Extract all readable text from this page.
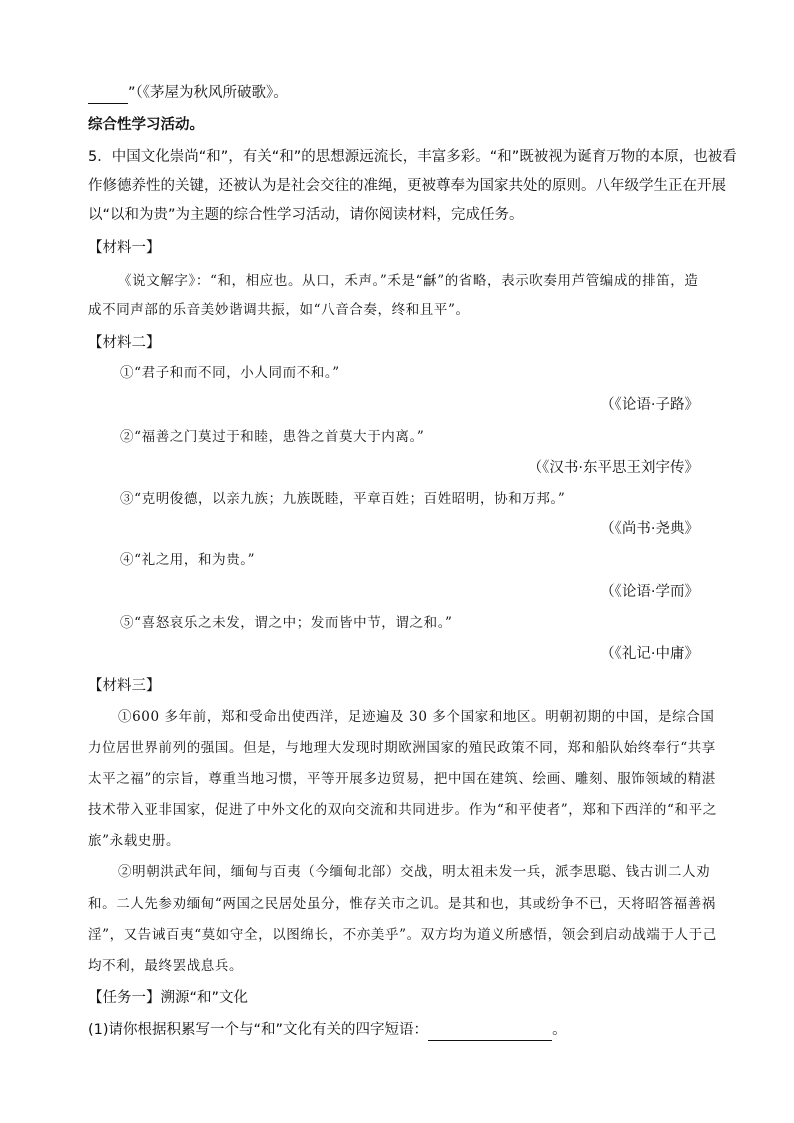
”（《茅屋为秋风所破歌》。
综合性学习活动。
5．中国文化崇尚“和”，有关“和”的思想源远流长，丰富多彩。“和”既被视为诞育万物的本原，也被看
作修德养性的关键，还被认为是社会交往的准绳，更被尊奉为国家共处的原则。八年级学生正在开展
以“以和为贵”为主题的综合性学习活动，请你阅读材料，完成任务。
【材料一】
《说文解字》：“和，相应也。从口，禾声。”禾是“龢”的省略，表示吹奏用芦管编成的排笛，造
成不同声部的乐音美妙谐调共振，如“八音合奏，终和且平”。
【材料二】
①“君子和而不同，小人同而不和。”
（《论语·子路》
②“福善之门莫过于和睦，患咎之首莫大于内离。”
（《汉书·东平思王刘宇传》
③“克明俊德，以亲九族；九族既睦，平章百姓；百姓昭明，协和万邦。”
（《尚书·尧典》
④“礼之用，和为贵。”
（《论语·学而》
⑤“喜怒哀乐之未发，谓之中；发而皆中节，谓之和。”
（《礼记·中庸》
【材料三】
①600 多年前，郑和受命出使西洋，足迹遍及 30 多个国家和地区。明朝初期的中国，是综合国
力位居世界前列的强国。但是，与地理大发现时期欧洲国家的殖民政策不同，郑和船队始终奉行“共享
太平之福”的宗旨，尊重当地习惯，平等开展多边贸易，把中国在建筑、绘画、雕刻、服饰领域的精湛
技术带入亚非国家，促进了中外文化的双向交流和共同进步。作为“和平使者”，郑和下西洋的“和平之
旅”永载史册。
②明朝洪武年间，缅甸与百夷（今缅甸北部）交战，明太祖未发一兵，派李思聪、钱古训二人劝
和。二人先参劝缅甸“两国之民居处虽分，惟存关市之讥。是其和也，其或纷争不已，天将昭答福善祸
淫”，又告诫百夷“莫如守全，以图绵长，不亦美乎”。双方均为道义所感悟，领会到启动战端于人于己
均不利，最终罢战息兵。
【任务一】溯源“和”文化
(1)请你根据积累写一个与“和”文化有关的四字短语：	。
